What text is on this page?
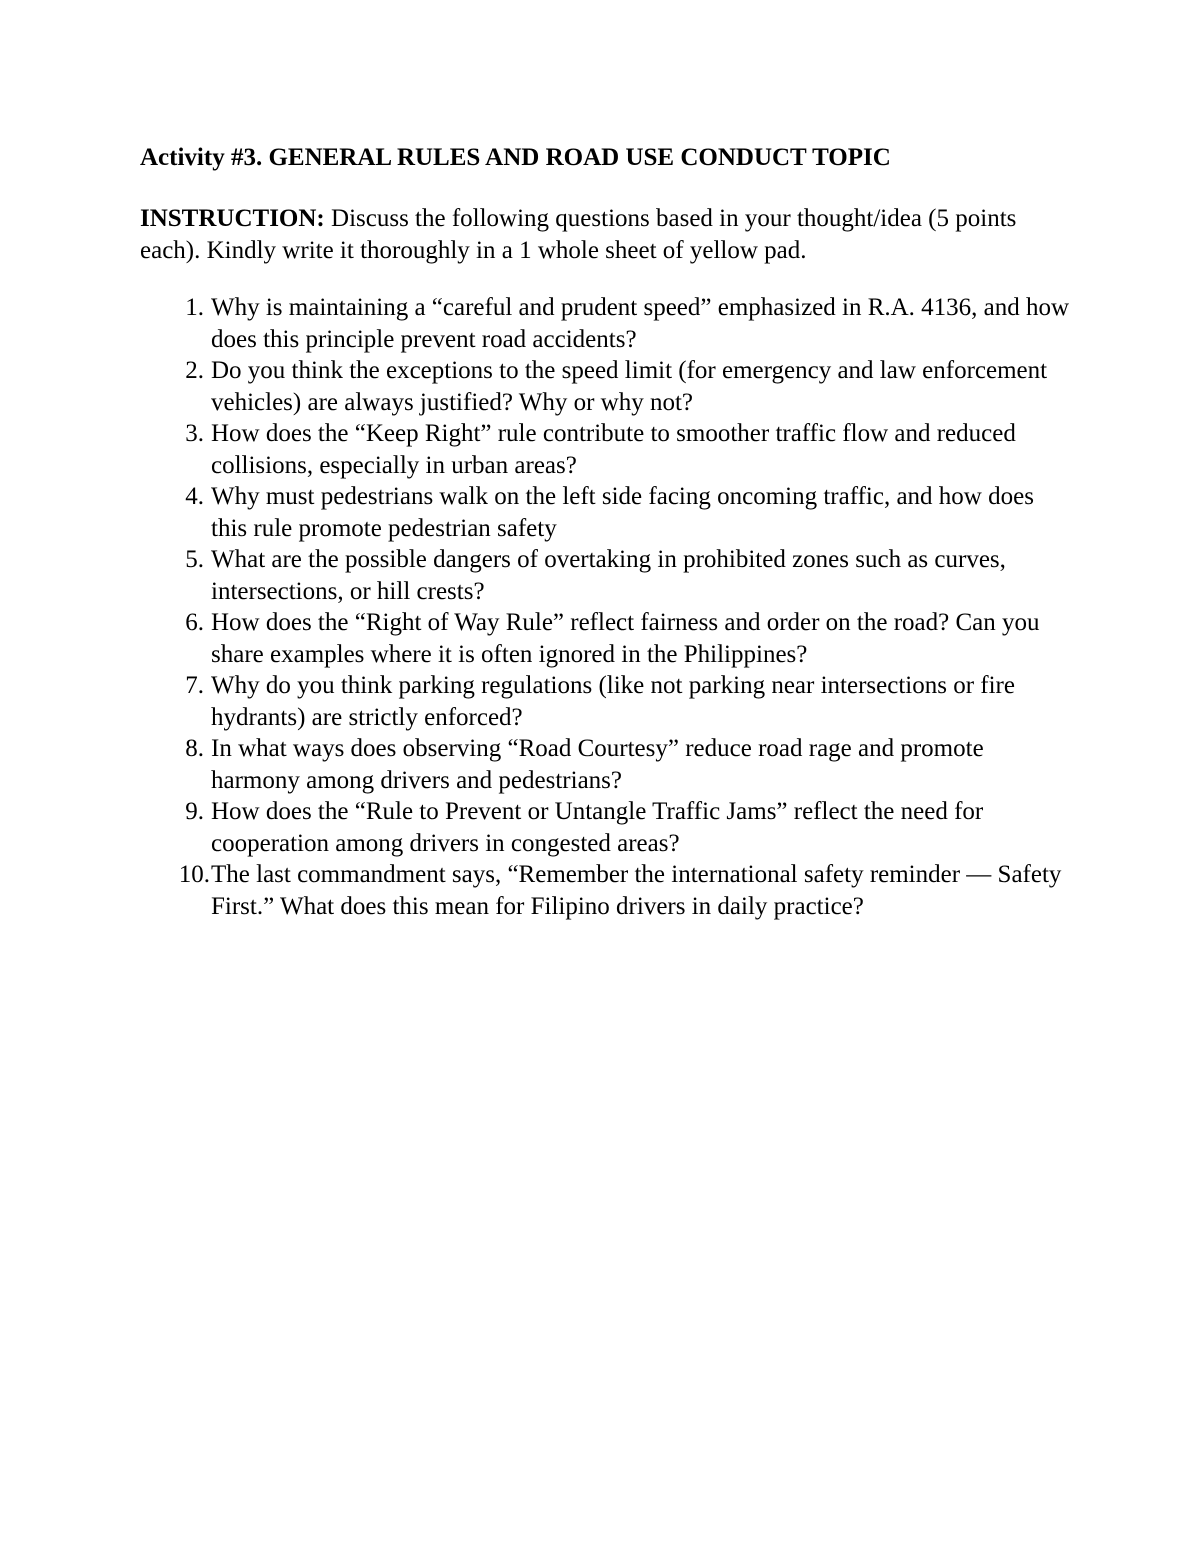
Activity #3. GENERAL RULES AND ROAD USE CONDUCT TOPIC
INSTRUCTION: Discuss the following questions based in your thought/idea (5 points each). Kindly write it thoroughly in a 1 whole sheet of yellow pad.
1. Why is maintaining a “careful and prudent speed” emphasized in R.A. 4136, and how does this principle prevent road accidents?
2. Do you think the exceptions to the speed limit (for emergency and law enforcement vehicles) are always justified? Why or why not?
3. How does the “Keep Right” rule contribute to smoother traffic flow and reduced collisions, especially in urban areas?
4. Why must pedestrians walk on the left side facing oncoming traffic, and how does this rule promote pedestrian safety
5. What are the possible dangers of overtaking in prohibited zones such as curves, intersections, or hill crests?
6. How does the “Right of Way Rule” reflect fairness and order on the road? Can you share examples where it is often ignored in the Philippines?
7. Why do you think parking regulations (like not parking near intersections or fire hydrants) are strictly enforced?
8. In what ways does observing “Road Courtesy” reduce road rage and promote harmony among drivers and pedestrians?
9. How does the “Rule to Prevent or Untangle Traffic Jams” reflect the need for cooperation among drivers in congested areas?
10. The last commandment says, “Remember the international safety reminder — Safety First.” What does this mean for Filipino drivers in daily practice?
